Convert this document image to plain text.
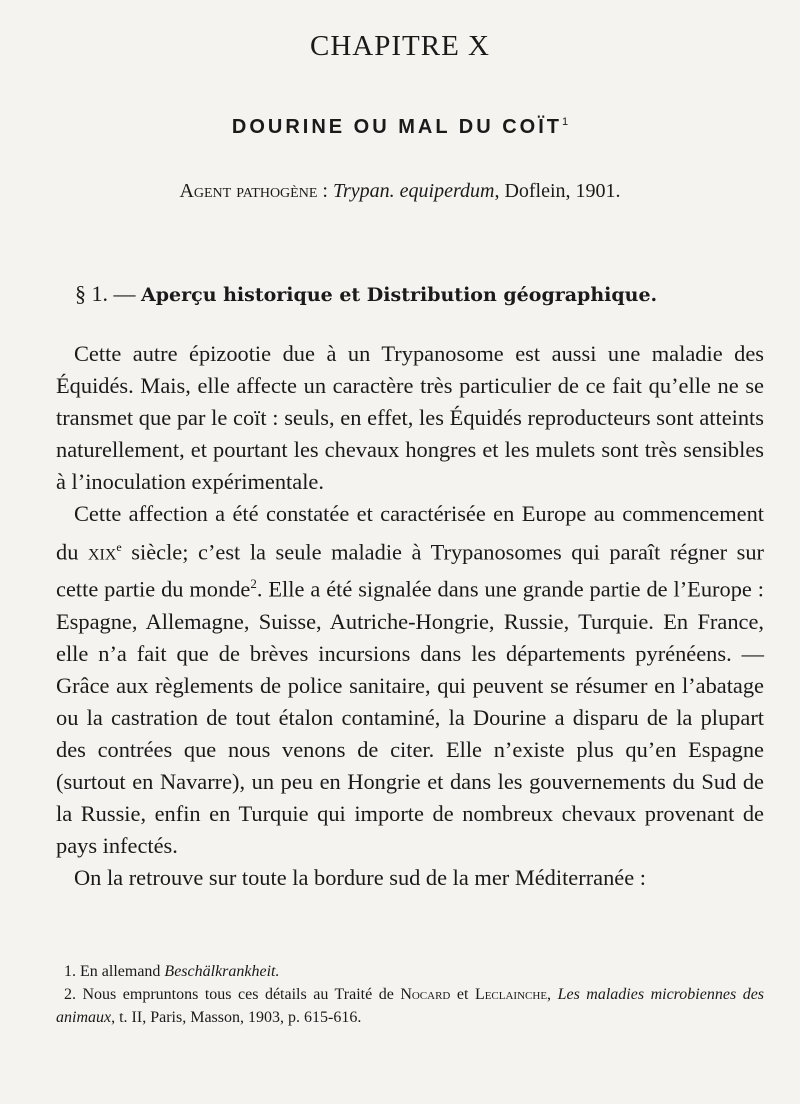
CHAPITRE X
DOURINE OU MAL DU COÏT$^1$
Agent pathogène : Trypan. equiperdum, Doflein, 1901.
§ 1. — Aperçu historique et Distribution géographique.

Cette autre épizootie due à un Trypanosome est aussi une maladie des Équidés. Mais, elle affecte un caractère très particulier de ce fait qu’elle ne se transmet que par le coït : seuls, en effet, les Équidés reproducteurs sont atteints naturellement, et pourtant les chevaux hongres et les mulets sont très sensibles à l’inoculation expérimentale.

Cette affection a été constatée et caractérisée en Europe au commencement du xix$^e$ siècle; c’est la seule maladie à Trypanosomes qui paraît régner sur cette partie du monde$^2$. Elle a été signalée dans une grande partie de l’Europe : Espagne, Allemagne, Suisse, Autriche-Hongrie, Russie, Turquie. En France, elle n’a fait que de brèves incursions dans les départements pyrénéens. — Grâce aux règlements de police sanitaire, qui peuvent se résumer en l’abatage ou la castration de tout étalon contaminé, la Dourine a disparu de la plupart des contrées que nous venons de citer. Elle n’existe plus qu’en Espagne (surtout en Navarre), un peu en Hongrie et dans les gouvernements du Sud de la Russie, enfin en Turquie qui importe de nombreux chevaux provenant de pays infectés.

On la retrouve sur toute la bordure sud de la mer Méditerranée :

1. En allemand Beschälkrankheit.

2. Nous empruntons tous ces détails au Traité de Nocard et Leclainche, Les maladies microbiennes des animaux, t. II, Paris, Masson, 1903, p. 615-616.
